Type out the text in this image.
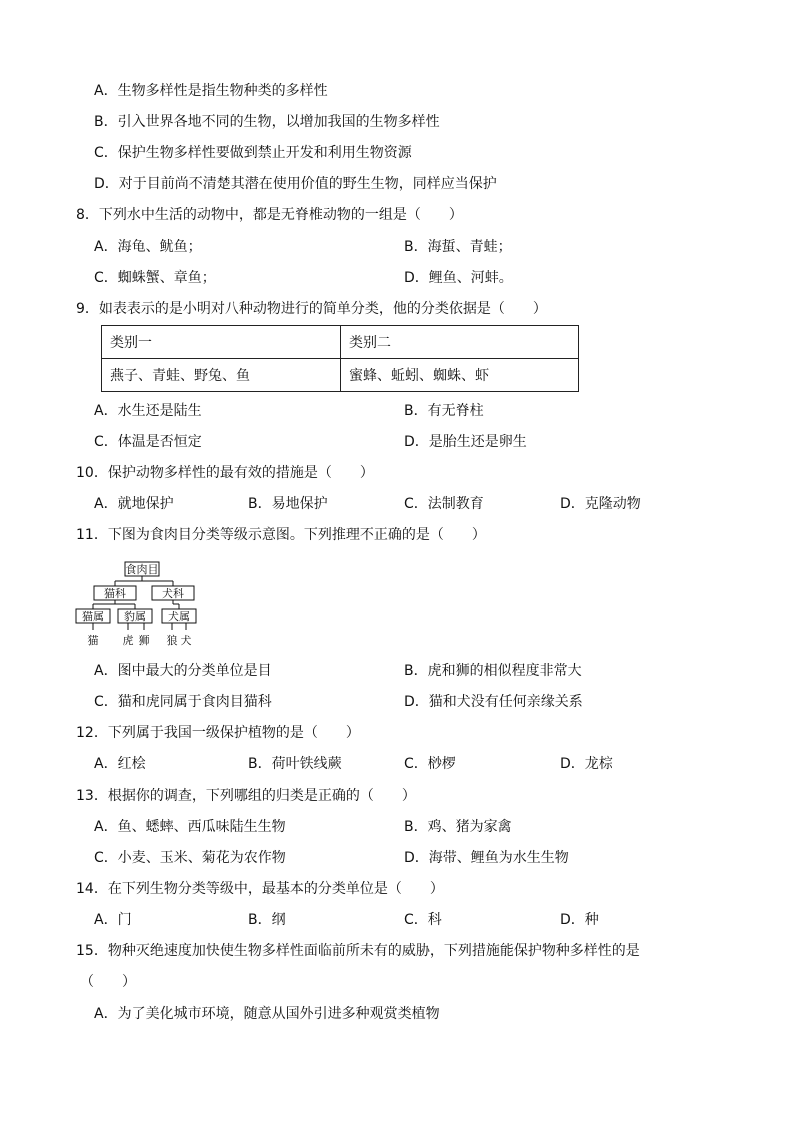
A．生物多样性是指生物种类的多样性
B．引入世界各地不同的生物，以增加我国的生物多样性
C．保护生物多样性要做到禁止开发和利用生物资源
D．对于目前尚不清楚其潜在使用价值的野生生物，同样应当保护
8．下列水中生活的动物中，都是无脊椎动物的一组是（　　）
A．海龟、鱿鱼；	B．海蜇、青蛙；
C．蜘蛛蟹、章鱼；	D．鲤鱼、河蚌。
9．如表表示的是小明对八种动物进行的简单分类，他的分类依据是（　　）
类别一	类别二
燕子、青蛙、野兔、鱼	蜜蜂、蚯蚓、蜘蛛、虾
A．水生还是陆生	B．有无脊柱
C．体温是否恒定	D．是胎生还是卵生
10．保护动物多样性的最有效的措施是（　　）
A．就地保护	B．易地保护	C．法制教育	D．克隆动物
11．下图为食肉目分类等级示意图。下列推理不正确的是（　　）
食肉目
猫科	犬科
猫属 豹属 犬属
猫 虎 狮 狼 犬
A．图中最大的分类单位是目	B．虎和狮的相似程度非常大
C．猫和虎同属于食肉目猫科	D．猫和犬没有任何亲缘关系
12．下列属于我国一级保护植物的是（　　）
A．红桧	B．荷叶铁线蕨	C．桫椤	D．龙棕
13．根据你的调查，下列哪组的归类是正确的（　　）
A．鱼、蟋蟀、西瓜味陆生生物	B．鸡、猪为家禽
C．小麦、玉米、菊花为农作物	D．海带、鲤鱼为水生生物
14．在下列生物分类等级中，最基本的分类单位是（　　）
A．门	B．纲	C．科	D．种
15．物种灭绝速度加快使生物多样性面临前所未有的威胁，下列措施能保护物种多样性的是
（　　）
A．为了美化城市环境，随意从国外引进多种观赏类植物
